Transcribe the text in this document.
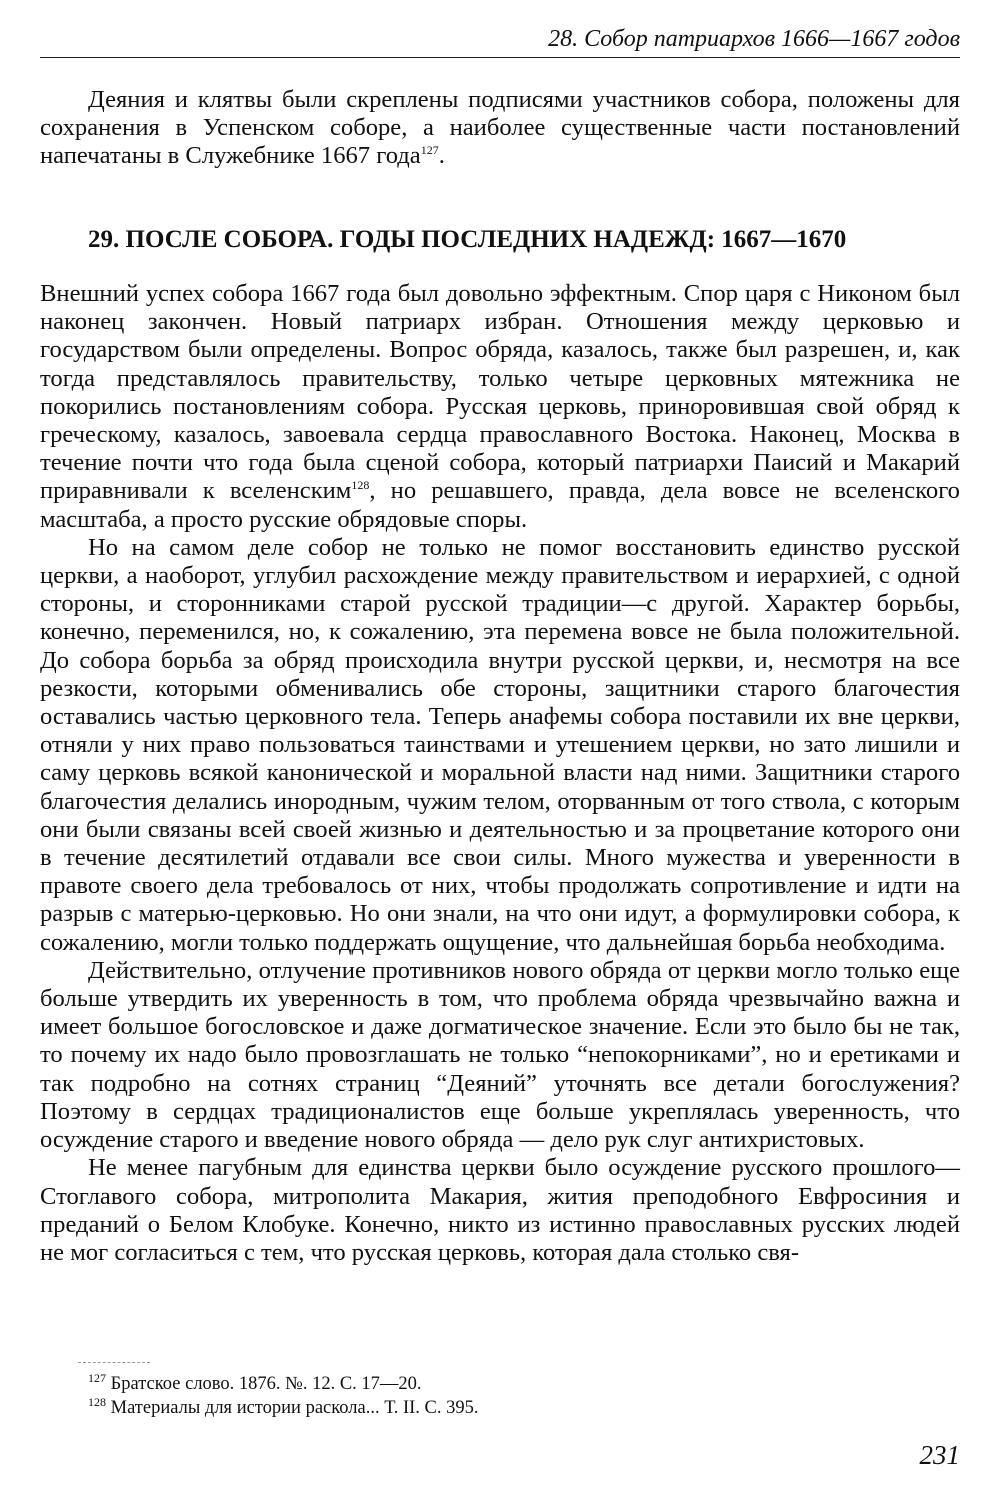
28. Собор патриархов 1666—1667 годов

Деяния и клятвы были скреплены подписями участников собора, положены для сохранения в Успенском соборе, а наиболее существенные части постановлений напечатаны в Служебнике 1667 года$^{127}$.

29. ПОСЛЕ СОБОРА. ГОДЫ ПОСЛЕДНИХ НАДЕЖД: 1667—1670

Внешний успех собора 1667 года был довольно эффектным. Спор царя с Никоном был наконец закончен. Новый патриарх избран. Отношения между церковью и государством были определены. Вопрос обряда, казалось, также был разрешен, и, как тогда представлялось правительству, только четыре церковных мятежника не покорились постановлениям собора. Русская церковь, приноровившая свой обряд к греческому, казалось, завоевала сердца православного Востока. Наконец, Москва в течение почти что года была сценой собора, который патриархи Паисий и Макарий приравнивали к вселенским$^{128}$, но решавшего, правда, дела вовсе не вселенского масштаба, а просто русские обрядовые споры.

Но на самом деле собор не только не помог восстановить единство русской церкви, а наоборот, углубил расхождение между правительством и иерархией, с одной стороны, и сторонниками старой русской традиции—с другой. Характер борьбы, конечно, переменился, но, к сожалению, эта перемена вовсе не была положительной. До собора борьба за обряд происходила внутри русской церкви, и, несмотря на все резкости, которыми обменивались обе стороны, защитники старого благочестия оставались частью церковного тела. Теперь анафемы собора поставили их вне церкви, отняли у них право пользоваться таинствами и утешением церкви, но зато лишили и саму церковь всякой канонической и моральной власти над ними. Защитники старого благочестия делались инородным, чужим телом, оторванным от того ствола, с которым они были связаны всей своей жизнью и деятельностью и за процветание которого они в течение десятилетий отдавали все свои силы. Много мужества и уверенности в правоте своего дела требовалось от них, чтобы продолжать сопротивление и идти на разрыв с матерью-церковью. Но они знали, на что они идут, а формулировки собора, к сожалению, могли только поддержать ощущение, что дальнейшая борьба необходима.

Действительно, отлучение противников нового обряда от церкви могло только еще больше утвердить их уверенность в том, что проблема обряда чрезвычайно важна и имеет большое богословское и даже догматическое значение. Если это было бы не так, то почему их надо было провозглашать не только “непокорниками”, но и еретиками и так подробно на сотнях страниц “Деяний” уточнять все детали богослужения? Поэтому в сердцах традиционалистов еще больше укреплялась уверенность, что осуждение старого и введение нового обряда — дело рук слуг антихристовых.

Не менее пагубным для единства церкви было осуждение русского прошлого—Стоглавого собора, митрополита Макария, жития преподобного Евфросиния и преданий о Белом Клобуке. Конечно, никто из истинно православных русских людей не мог согласиться с тем, что русская церковь, которая дала столько свя-

$^{127}$ Братское слово. 1876. №. 12. С. 17—20.
$^{128}$ Материалы для истории раскола... Т. II. С. 395.
231
